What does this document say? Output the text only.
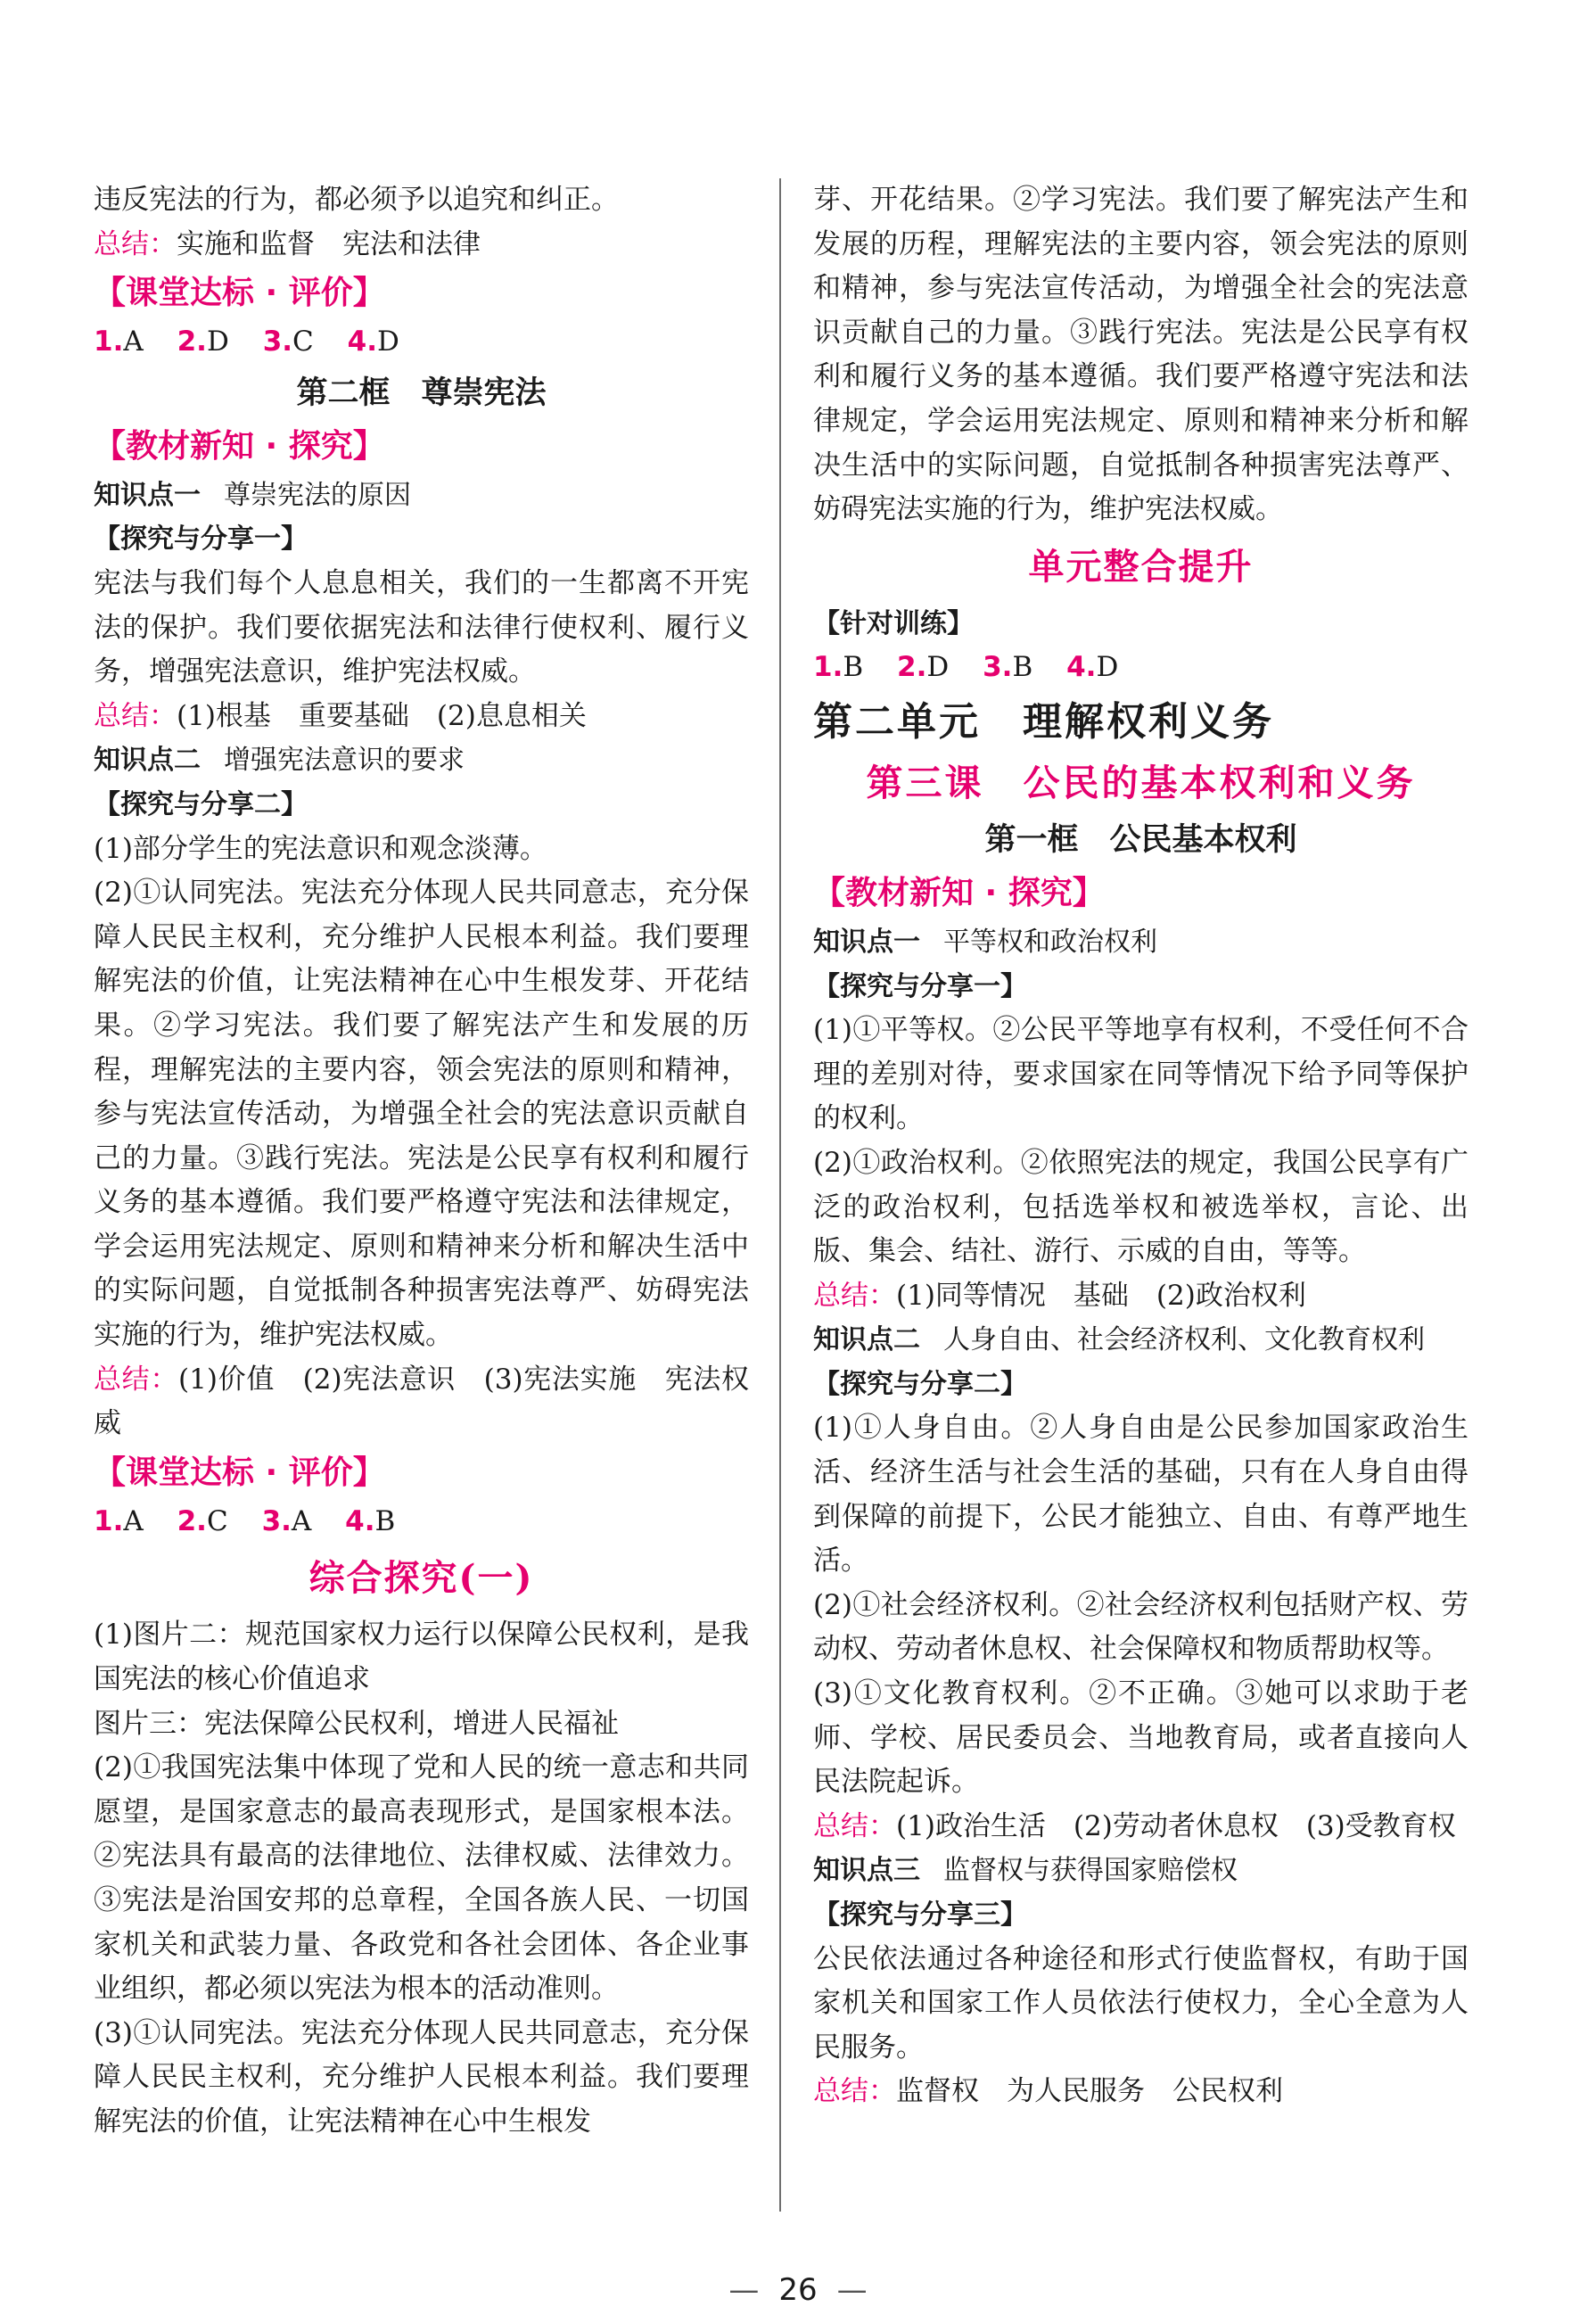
违反宪法的行为，都必须予以追究和纠正。

总结：实施和监督　宪法和法律

【课堂达标 · 评价】

1.A 2.D 3.C 4.D

第二框　尊崇宪法

【教材新知 · 探究】

知识点一 尊崇宪法的原因

【探究与分享一】

宪法与我们每个人息息相关，我们的一生都离不开宪法的保护。我们要依据宪法和法律行使权利、履行义务，增强宪法意识，维护宪法权威。

总结：(1)根基　重要基础　(2)息息相关

知识点二 增强宪法意识的要求

【探究与分享二】

(1)部分学生的宪法意识和观念淡薄。

(2)①认同宪法。宪法充分体现人民共同意志，充分保障人民民主权利，充分维护人民根本利益。我们要理解宪法的价值，让宪法精神在心中生根发芽、开花结果。②学习宪法。我们要了解宪法产生和发展的历程，理解宪法的主要内容，领会宪法的原则和精神，参与宪法宣传活动，为增强全社会的宪法意识贡献自己的力量。③践行宪法。宪法是公民享有权利和履行义务的基本遵循。我们要严格遵守宪法和法律规定，学会运用宪法规定、原则和精神来分析和解决生活中的实际问题，自觉抵制各种损害宪法尊严、妨碍宪法实施的行为，维护宪法权威。

总结：(1)价值　(2)宪法意识　(3)宪法实施　宪法权威

【课堂达标 · 评价】

1.A 2.C 3.A 4.B

综合探究(一)

(1)图片二：规范国家权力运行以保障公民权利，是我国宪法的核心价值追求

图片三：宪法保障公民权利，增进人民福祉

(2)①我国宪法集中体现了党和人民的统一意志和共同愿望，是国家意志的最高表现形式，是国家根本法。②宪法具有最高的法律地位、法律权威、法律效力。③宪法是治国安邦的总章程，全国各族人民、一切国家机关和武装力量、各政党和各社会团体、各企业事业组织，都必须以宪法为根本的活动准则。

(3)①认同宪法。宪法充分体现人民共同意志，充分保障人民民主权利，充分维护人民根本利益。我们要理解宪法的价值，让宪法精神在心中生根发

芽、开花结果。②学习宪法。我们要了解宪法产生和发展的历程，理解宪法的主要内容，领会宪法的原则和精神，参与宪法宣传活动，为增强全社会的宪法意识贡献自己的力量。③践行宪法。宪法是公民享有权利和履行义务的基本遵循。我们要严格遵守宪法和法律规定，学会运用宪法规定、原则和精神来分析和解决生活中的实际问题，自觉抵制各种损害宪法尊严、妨碍宪法实施的行为，维护宪法权威。

单元整合提升

【针对训练】

1.B 2.D 3.B 4.D

第二单元　理解权利义务

第三课　公民的基本权利和义务

第一框　公民基本权利

【教材新知 · 探究】

知识点一 平等权和政治权利

【探究与分享一】

(1)①平等权。②公民平等地享有权利，不受任何不合理的差别对待，要求国家在同等情况下给予同等保护的权利。

(2)①政治权利。②依照宪法的规定，我国公民享有广泛的政治权利，包括选举权和被选举权，言论、出版、集会、结社、游行、示威的自由，等等。

总结：(1)同等情况　基础　(2)政治权利

知识点二 人身自由、社会经济权利、文化教育权利

【探究与分享二】

(1)①人身自由。②人身自由是公民参加国家政治生活、经济生活与社会生活的基础，只有在人身自由得到保障的前提下，公民才能独立、自由、有尊严地生活。

(2)①社会经济权利。②社会经济权利包括财产权、劳动权、劳动者休息权、社会保障权和物质帮助权等。

(3)①文化教育权利。②不正确。③她可以求助于老师、学校、居民委员会、当地教育局，或者直接向人民法院起诉。

总结：(1)政治生活　(2)劳动者休息权　(3)受教育权

知识点三 监督权与获得国家赔偿权

【探究与分享三】

公民依法通过各种途径和形式行使监督权，有助于国家机关和国家工作人员依法行使权力，全心全意为人民服务。

总结：监督权　为人民服务　公民权利

— 26 —
